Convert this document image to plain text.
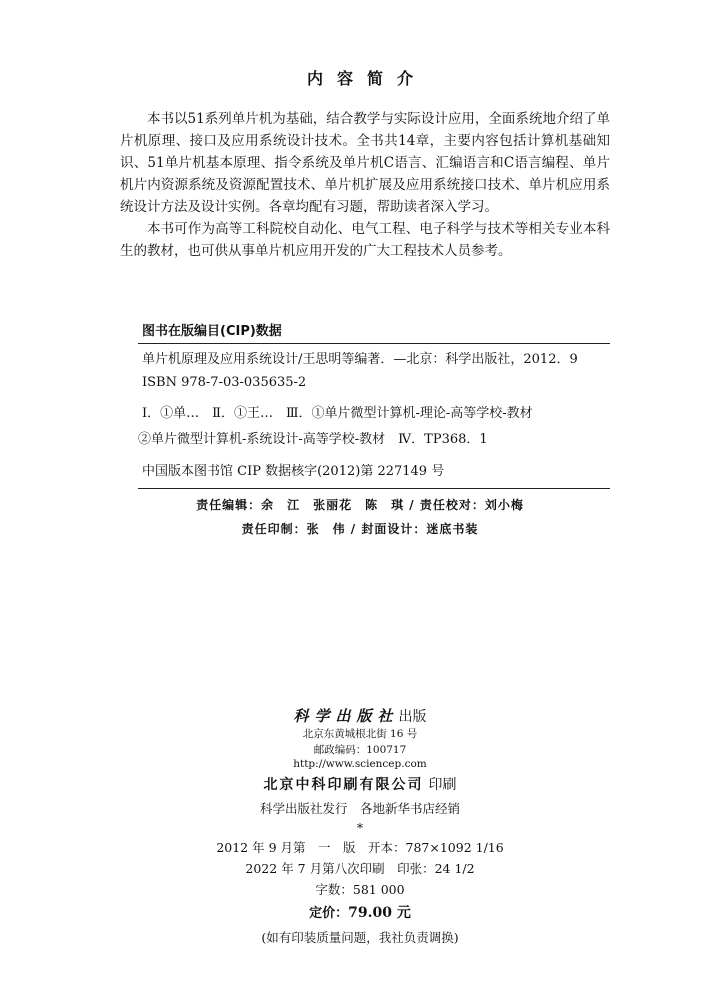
内容简介

本书以51系列单片机为基础，结合教学与实际设计应用，全面系统地介绍了单片机原理、接口及应用系统设计技术。全书共14章，主要内容包括计算机基础知识、51单片机基本原理、指令系统及单片机C语言、汇编语言和C语言编程、单片机片内资源系统及资源配置技术、单片机扩展及应用系统接口技术、单片机应用系统设计方法及设计实例。各章均配有习题，帮助读者深入学习。

本书可作为高等工科院校自动化、电气工程、电子科学与技术等相关专业本科生的教材，也可供从事单片机应用开发的广大工程技术人员参考。

图书在版编目(CIP)数据
单片机原理及应用系统设计/王思明等编著．—北京：科学出版社，2012．9
ISBN 978-7-03-035635-2
Ⅰ．①单…　Ⅱ．①王…　Ⅲ．①单片微型计算机-理论-高等学校-教材
②单片微型计算机-系统设计-高等学校-教材　Ⅳ．TP368．1
中国版本图书馆 CIP 数据核字(2012)第 227149 号
责任编辑：余　江　张丽花　陈　琪 / 责任校对：刘小梅
责任印制：张　伟 / 封面设计：迷底书装
科学出版社出版
北京东黄城根北街 16 号
邮政编码：100717
http://www.sciencep.com
北京中科印刷有限公司 印刷
科学出版社发行　各地新华书店经销
*
2012 年 9 月第　一　版　开本：787×1092 1/16
2022 年 7 月第八次印刷　印张：24 1/2
字数：581 000
定价：79.00 元
(如有印装质量问题，我社负责调换)
